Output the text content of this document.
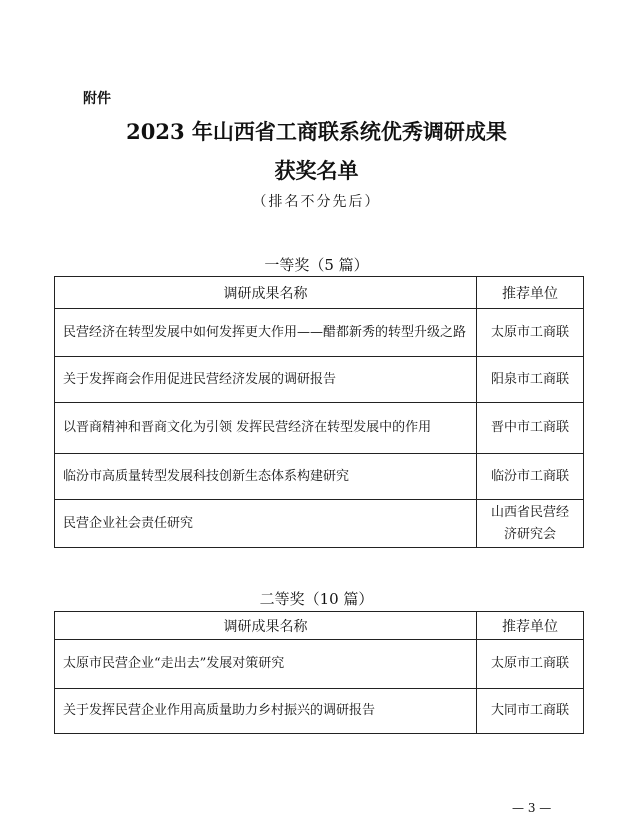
附件
2023 年山西省工商联系统优秀调研成果
获奖名单
（排名不分先后）
一等奖（5 篇）
调研成果名称	推荐单位
民营经济在转型发展中如何发挥更大作用——醋都新秀的转型升级之路	太原市工商联
关于发挥商会作用促进民营经济发展的调研报告	阳泉市工商联
以晋商精神和晋商文化为引领 发挥民营经济在转型发展中的作用	晋中市工商联
临汾市高质量转型发展科技创新生态体系构建研究	临汾市工商联
民营企业社会责任研究	山西省民营经济研究会
二等奖（10 篇）
调研成果名称	推荐单位
太原市民营企业“走出去”发展对策研究	太原市工商联
关于发挥民营企业作用高质量助力乡村振兴的调研报告	大同市工商联
— 3 —
